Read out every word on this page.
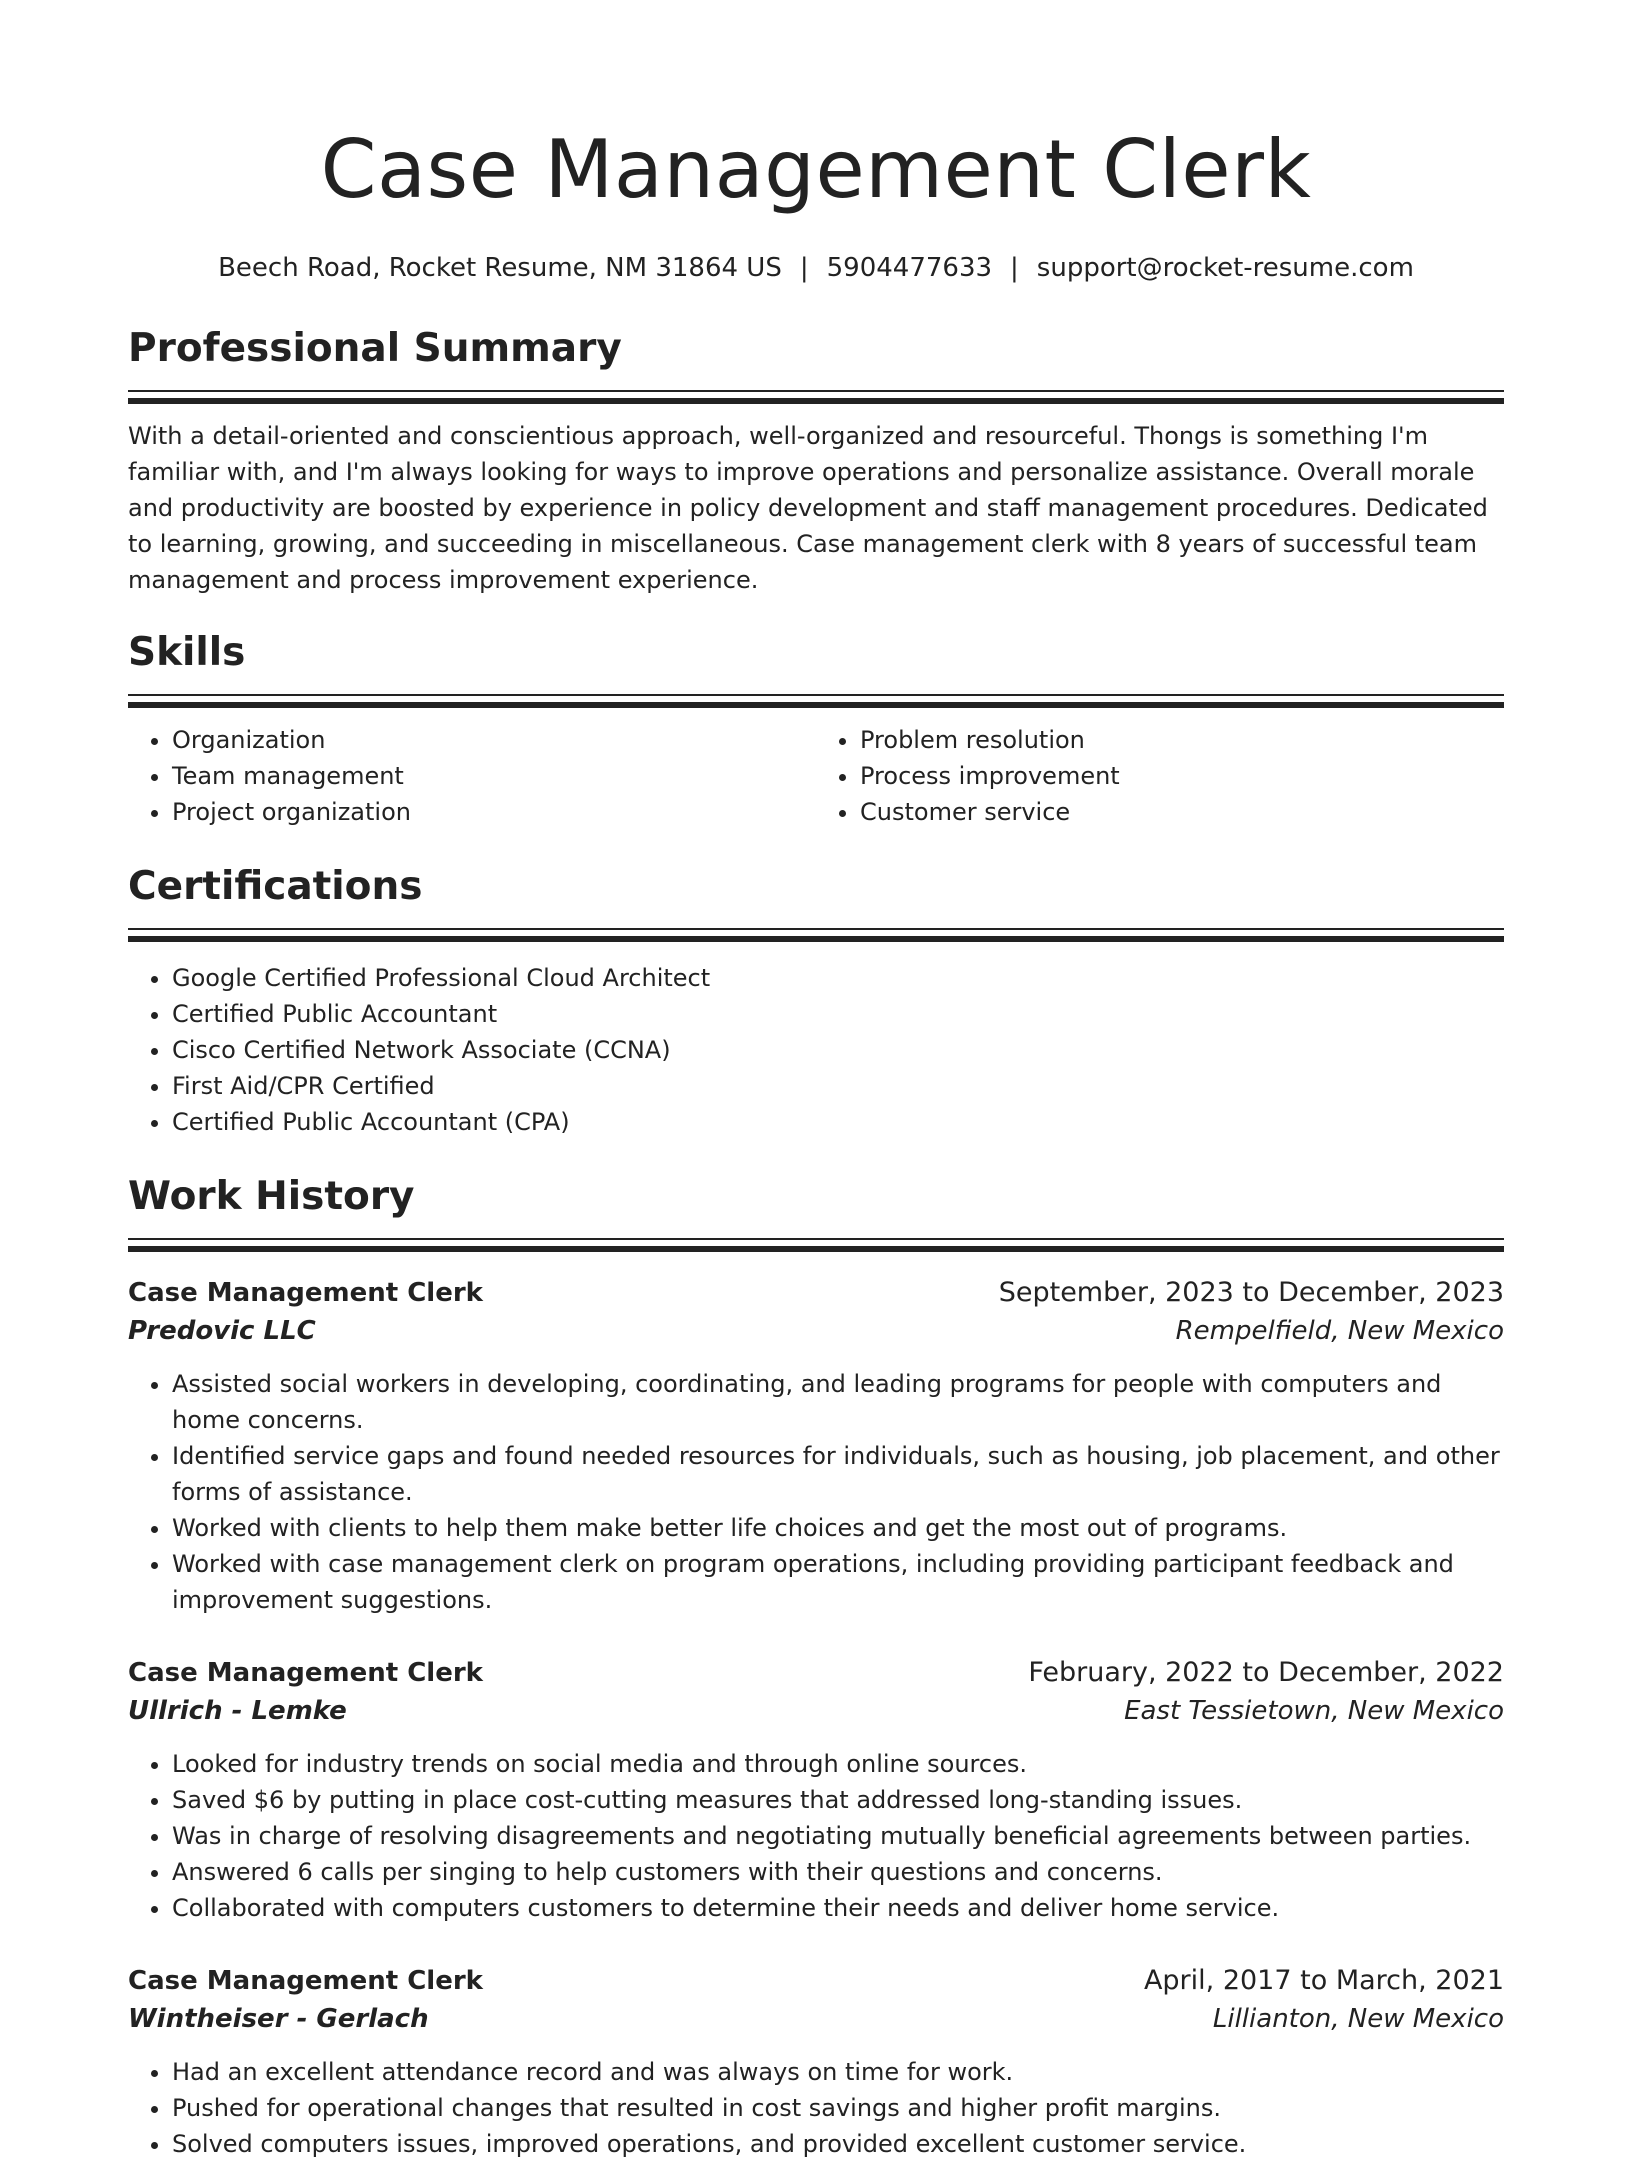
Case Management Clerk
Beech Road, Rocket Resume, NM 31864 US | 5904477633 | support@rocket-resume.com
Professional Summary
With a detail-oriented and conscientious approach, well-organized and resourceful. Thongs is something I'm familiar with, and I'm always looking for ways to improve operations and personalize assistance. Overall morale and productivity are boosted by experience in policy development and staff management procedures. Dedicated to learning, growing, and succeeding in miscellaneous. Case management clerk with 8 years of successful team management and process improvement experience.
Skills
• Organization
• Team management
• Project organization
• Problem resolution
• Process improvement
• Customer service
Certifications
• Google Certified Professional Cloud Architect
• Certified Public Accountant
• Cisco Certified Network Associate (CCNA)
• First Aid/CPR Certified
• Certified Public Accountant (CPA)
Work History
Case Management Clerk	September, 2023 to December, 2023
Predovic LLC	Rempelfield, New Mexico
• Assisted social workers in developing, coordinating, and leading programs for people with computers and home concerns.
• Identified service gaps and found needed resources for individuals, such as housing, job placement, and other forms of assistance.
• Worked with clients to help them make better life choices and get the most out of programs.
• Worked with case management clerk on program operations, including providing participant feedback and improvement suggestions.
Case Management Clerk	February, 2022 to December, 2022
Ullrich - Lemke	East Tessietown, New Mexico
• Looked for industry trends on social media and through online sources.
• Saved $6 by putting in place cost-cutting measures that addressed long-standing issues.
• Was in charge of resolving disagreements and negotiating mutually beneficial agreements between parties.
• Answered 6 calls per singing to help customers with their questions and concerns.
• Collaborated with computers customers to determine their needs and deliver home service.
Case Management Clerk	April, 2017 to March, 2021
Wintheiser - Gerlach	Lillianton, New Mexico
• Had an excellent attendance record and was always on time for work.
• Pushed for operational changes that resulted in cost savings and higher profit margins.
• Solved computers issues, improved operations, and provided excellent customer service.
